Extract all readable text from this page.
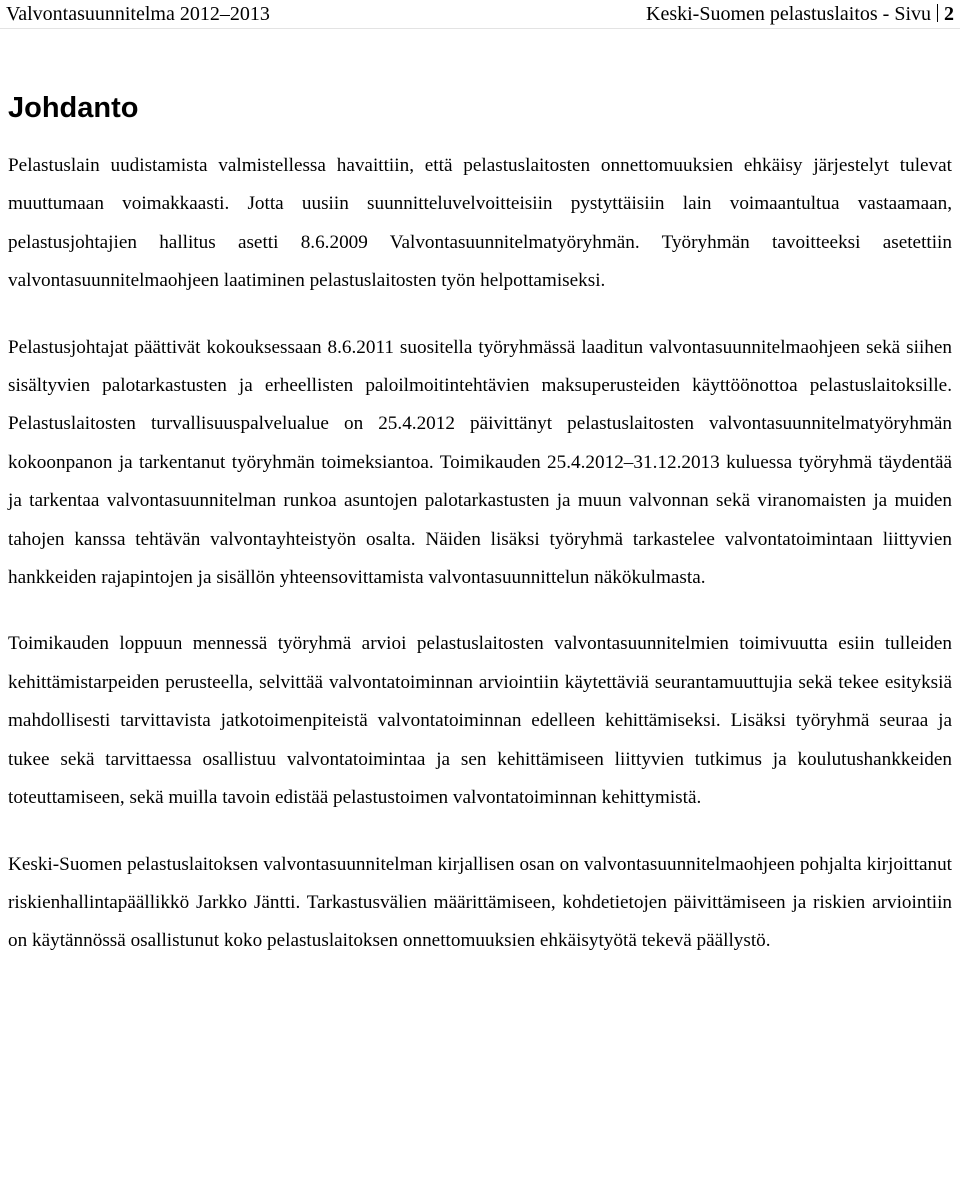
Valvontasuunnitelma 2012–2013	Keski-Suomen pelastuslaitos - Sivu 2
Johdanto

Pelastuslain uudistamista valmistellessa havaittiin, että pelastuslaitosten onnettomuuksien ehkäisy järjestelyt tulevat muuttumaan voimakkaasti. Jotta uusiin suunnitteluvelvoitteisiin pystyttäisiin lain voimaantultua vastaamaan, pelastusjohtajien hallitus asetti 8.6.2009 Valvontasuunnitelmatyöryhmän. Työryhmän tavoitteeksi asetettiin valvontasuunnitelmaohjeen laatiminen pelastuslaitosten työn helpottamiseksi.

Pelastusjohtajat päättivät kokouksessaan 8.6.2011 suositella työryhmässä laaditun valvontasuunnitelmaohjeen sekä siihen sisältyvien palotarkastusten ja erheellisten paloilmoitintehtävien maksuperusteiden käyttöönottoa pelastuslaitoksille. Pelastuslaitosten turvallisuuspalvelualue on 25.4.2012 päivittänyt pelastuslaitosten valvontasuunnitelmatyöryhmän kokoonpanon ja tarkentanut työryhmän toimeksiantoa. Toimikauden 25.4.2012–31.12.2013 kuluessa työryhmä täydentää ja tarkentaa valvontasuunnitelman runkoa asuntojen palotarkastusten ja muun valvonnan sekä viranomaisten ja muiden tahojen kanssa tehtävän valvontayhteistyön osalta. Näiden lisäksi työryhmä tarkastelee valvontatoimintaan liittyvien hankkeiden rajapintojen ja sisällön yhteensovittamista valvontasuunnittelun näkökulmasta.

Toimikauden loppuun mennessä työryhmä arvioi pelastuslaitosten valvontasuunnitelmien toimivuutta esiin tulleiden kehittämistarpeiden perusteella, selvittää valvontatoiminnan arviointiin käytettäviä seurantamuuttujia sekä tekee esityksiä mahdollisesti tarvittavista jatkotoimenpiteistä valvontatoiminnan edelleen kehittämiseksi. Lisäksi työryhmä seuraa ja tukee sekä tarvittaessa osallistuu valvontatoimintaa ja sen kehittämiseen liittyvien tutkimus ja koulutushankkeiden toteuttamiseen, sekä muilla tavoin edistää pelastustoimen valvontatoiminnan kehittymistä.

Keski-Suomen pelastuslaitoksen valvontasuunnitelman kirjallisen osan on valvontasuunnitelmaohjeen pohjalta kirjoittanut riskienhallintapäällikkö Jarkko Jäntti. Tarkastusvälien määrittämiseen, kohdetietojen päivittämiseen ja riskien arviointiin on käytännössä osallistunut koko pelastuslaitoksen onnettomuuksien ehkäisytyötä tekevä päällystö.
